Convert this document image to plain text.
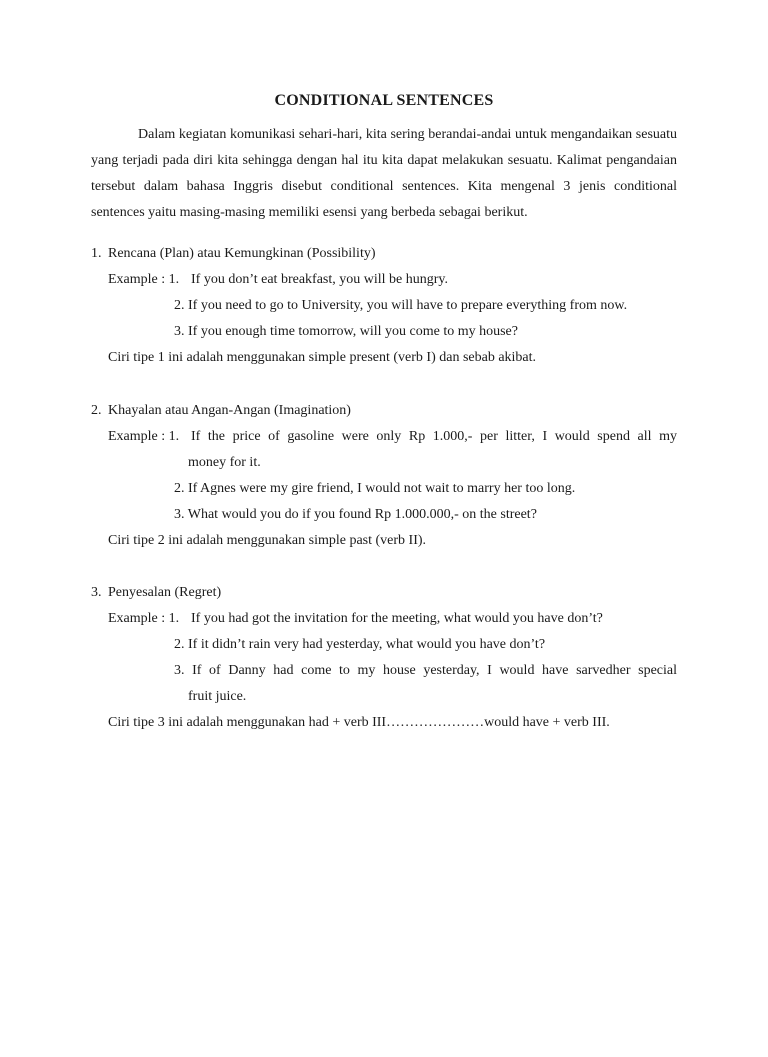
CONDITIONAL SENTENCES

Dalam kegiatan komunikasi sehari-hari, kita sering berandai-andai untuk mengandaikan sesuatu yang terjadi pada diri kita sehingga dengan hal itu kita dapat melakukan sesuatu. Kalimat pengandaian tersebut dalam bahasa Inggris disebut conditional sentences. Kita mengenal 3 jenis conditional sentences yaitu masing-masing memiliki esensi yang berbeda sebagai berikut.

1. Rencana (Plan) atau Kemungkinan (Possibility)
Example : 1. If you don’t eat breakfast, you will be hungry.
2. If you need to go to University, you will have to prepare everything from now.
3. If you enough time tomorrow, will you come to my house?
Ciri tipe 1 ini adalah menggunakan simple present (verb I) dan sebab akibat.
2. Khayalan atau Angan-Angan (Imagination)
Example : 1. If the price of gasoline were only Rp 1.000,- per litter, I would spend all my
money for it.
2. If Agnes were my gire friend, I would not wait to marry her too long.
3. What would you do if you found Rp 1.000.000,- on the street?
Ciri tipe 2 ini adalah menggunakan simple past (verb II).
3. Penyesalan (Regret)
Example : 1. If you had got the invitation for the meeting, what would you have don’t?
2. If it didn’t rain very had yesterday, what would you have don’t?
3. If of Danny had come to my house yesterday, I would have sarvedher special
fruit juice.
Ciri tipe 3 ini adalah menggunakan had + verb III…………………would have + verb III.
